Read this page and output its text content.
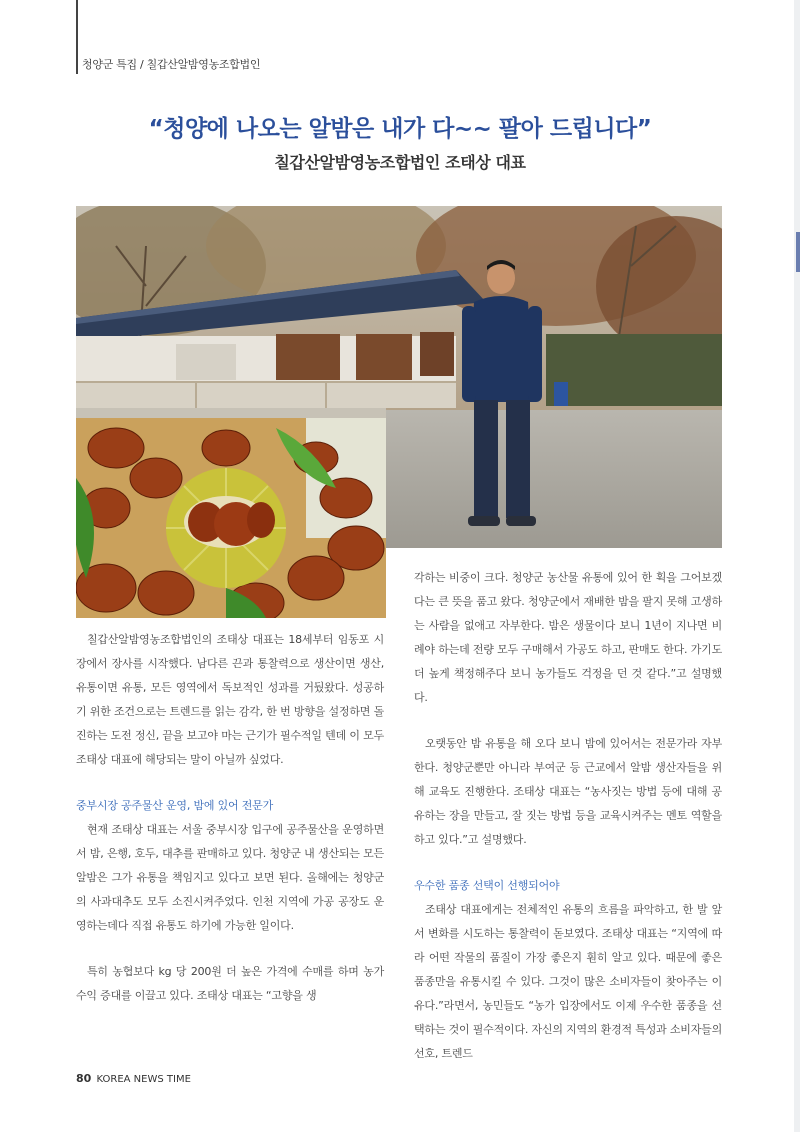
청양군 특집 / 칠갑산알밤영농조합법인
“청양에 나오는 알밤은 내가 다~~ 팔아 드립니다”
칠갑산알밤영농조합법인 조태상 대표

칠갑산알밤영농조합법인의 조태상 대표는 18세부터 임동포 시장에서 장사를 시작했다. 남다른 끈과 통찰력으로 생산이면 생산, 유통이면 유통, 모든 영역에서 독보적인 성과를 거뒀왔다. 성공하기 위한 조건으로는 트렌드를 읽는 감각, 한 번 방향을 설정하면 돌진하는 도전 정신, 끝을 보고야 마는 근기가 필수적일 텐데 이 모두 조태상 대표에 해당되는 말이 아닐까 싶었다.

중부시장 공주물산 운영, 밤에 있어 전문가

현재 조태상 대표는 서울 중부시장 입구에 공주물산을 운영하면서 밤, 은행, 호두, 대추를 판매하고 있다. 청양군 내 생산되는 모든 알밤은 그가 유통을 책임지고 있다고 보면 된다. 올해에는 청양군의 사과대추도 모두 소진시켜주었다. 인천 지역에 가공 공장도 운영하는데다 직접 유통도 하기에 가능한 일이다.

특히 농협보다 kg 당 200원 더 높은 가격에 수매를 하며 농가 수익 증대를 이끌고 있다. 조태상 대표는 “고향을 생

각하는 비중이 크다. 청양군 농산물 유통에 있어 한 획을 그어보겠다는 큰 뜻을 품고 왔다. 청양군에서 재배한 밤을 팔지 못해 고생하는 사람을 없애고 자부한다. 밤은 생물이다 보니 1년이 지나면 비례야 하는데 전량 모두 구매해서 가공도 하고, 판매도 한다. 가기도 더 높게 책정해주다 보니 농가들도 걱정을 던 것 같다.”고 설명했다.

오랫동안 밤 유통을 해 오다 보니 밤에 있어서는 전문가라 자부한다. 청양군뿐만 아니라 부여군 등 근교에서 알밤 생산자들을 위해 교육도 진행한다. 조태상 대표는 “농사짓는 방법 등에 대해 공유하는 장을 만들고, 잘 짓는 방법 등을 교육시켜주는 멘토 역할을 하고 있다.”고 설명했다.

우수한 품종 선택이 선행되어야

조태상 대표에게는 전체적인 유통의 흐름을 파악하고, 한 발 앞서 변화를 시도하는 통찰력이 돋보였다. 조태상 대표는 “지역에 따라 어떤 작물의 품질이 가장 좋은지 훤히 알고 있다. 때문에 좋은 품종만을 유통시킬 수 있다. 그것이 많은 소비자들이 찾아주는 이유다.”라면서, 농민들도 “농가 입장에서도 이제 우수한 품종을 선택하는 것이 필수적이다. 자신의 지역의 환경적 특성과 소비자들의 선호, 트렌드

80 KOREA NEWS TIME
